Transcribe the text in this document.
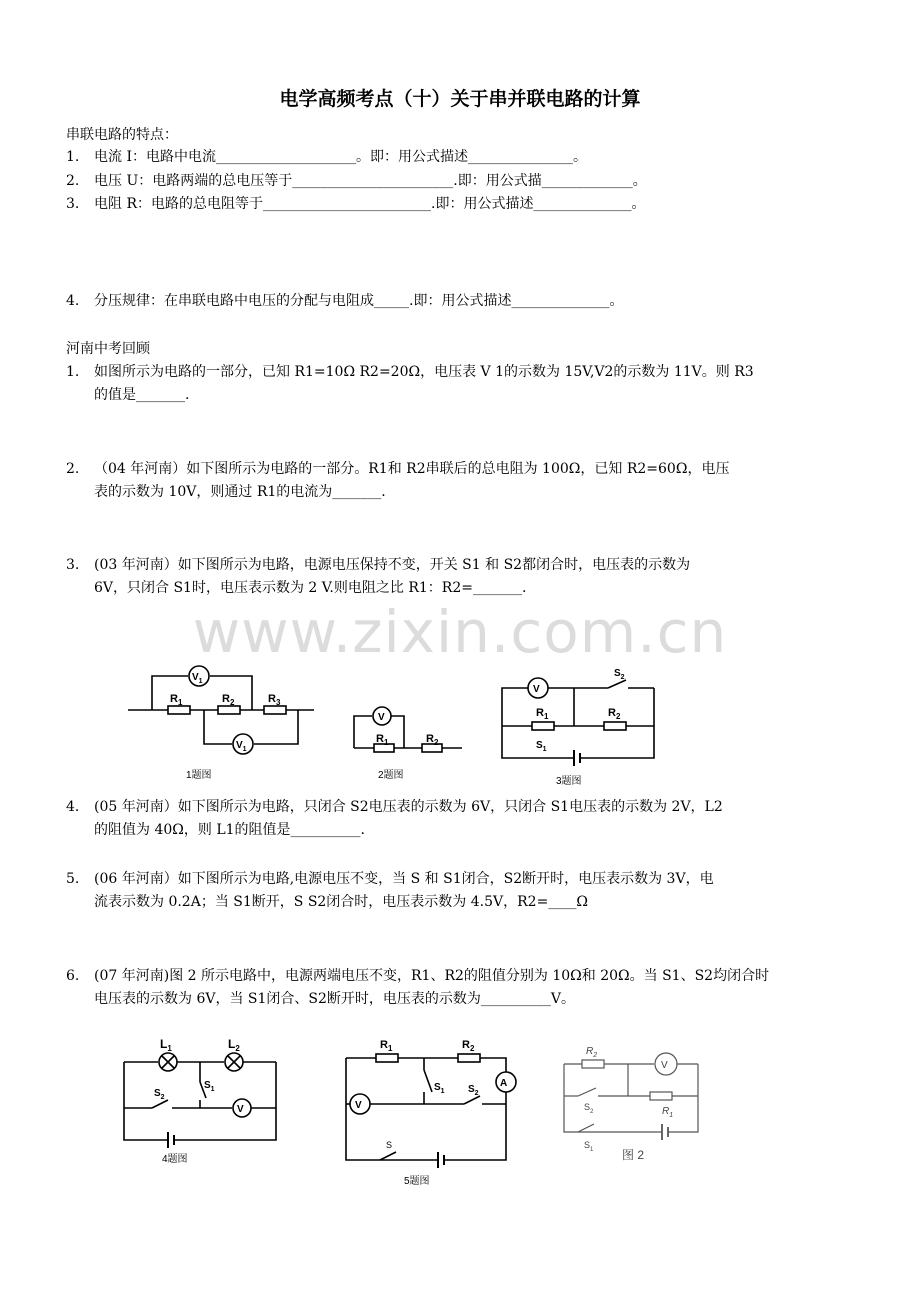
电学高频考点（十）关于串并联电路的计算
串联电路的特点：
1. 电流 I：电路中电流____________________。即：用公式描述_______________。
2. 电压 U：电路两端的总电压等于_______________________.即：用公式描_____________。
3. 电阻 R：电路的总电阻等于________________________.即：用公式描述______________。
4. 分压规律：在串联电路中电压的分配与电阻成_____.即：用公式描述______________。
河南中考回顾
1. 如图所示为电路的一部分，已知 R1=10Ω R2=20Ω，电压表 V 1的示数为 15V,V2的示数为 11V。则 R3
的值是_______.
2. （04 年河南）如下图所示为电路的一部分。R1和 R2串联后的总电阻为 100Ω，已知 R2=60Ω，电压
表的示数为 10V，则通过 R1的电流为_______.
3. (03 年河南）如下图所示为电路，电源电压保持不变，开关 S1 和 S2都闭合时，电压表的示数为
6V，只闭合 S1时，电压表示数为 2 V.则电阻之比 R1：R2=_______.
www.zixin.com.cn
$V_1$
$V_1$
$R_1$	$R_2$	$R_3$
1题图
V
$R_1$	$R_2$
2题图
V
$S_2$
$R_1$	$R_2$
$S_1$
3题图
4. (05 年河南）如下图所示为电路，只闭合 S2电压表的示数为 6V，只闭合 S1电压表的示数为 2V，L2
的阻值为 40Ω，则 L1的阻值是__________.
5. (06 年河南）如下图所示为电路,电源电压不变，当 S 和 S1闭合，S2断开时，电压表示数为 3V，电
流表示数为 0.2A；当 S1断开，S S2闭合时，电压表示数为 4.5V，R2=____Ω
6. (07 年河南)图 2 所示电路中，电源两端电压不变，R1、R2的阻值分别为 10Ω和 20Ω。当 S1、S2均闭合时
电压表的示数为 6V，当 S1闭合、S2断开时，电压表的示数为__________V。
$L_1$	$L_2$
$S_2$
$S_1$
V
4题图
$R_1$	$R_2$
A
V
$S_1$ $S_2$
S
5题图
$R_2$
V
$S_2$	$R_1$
$S_1$ 图 2
